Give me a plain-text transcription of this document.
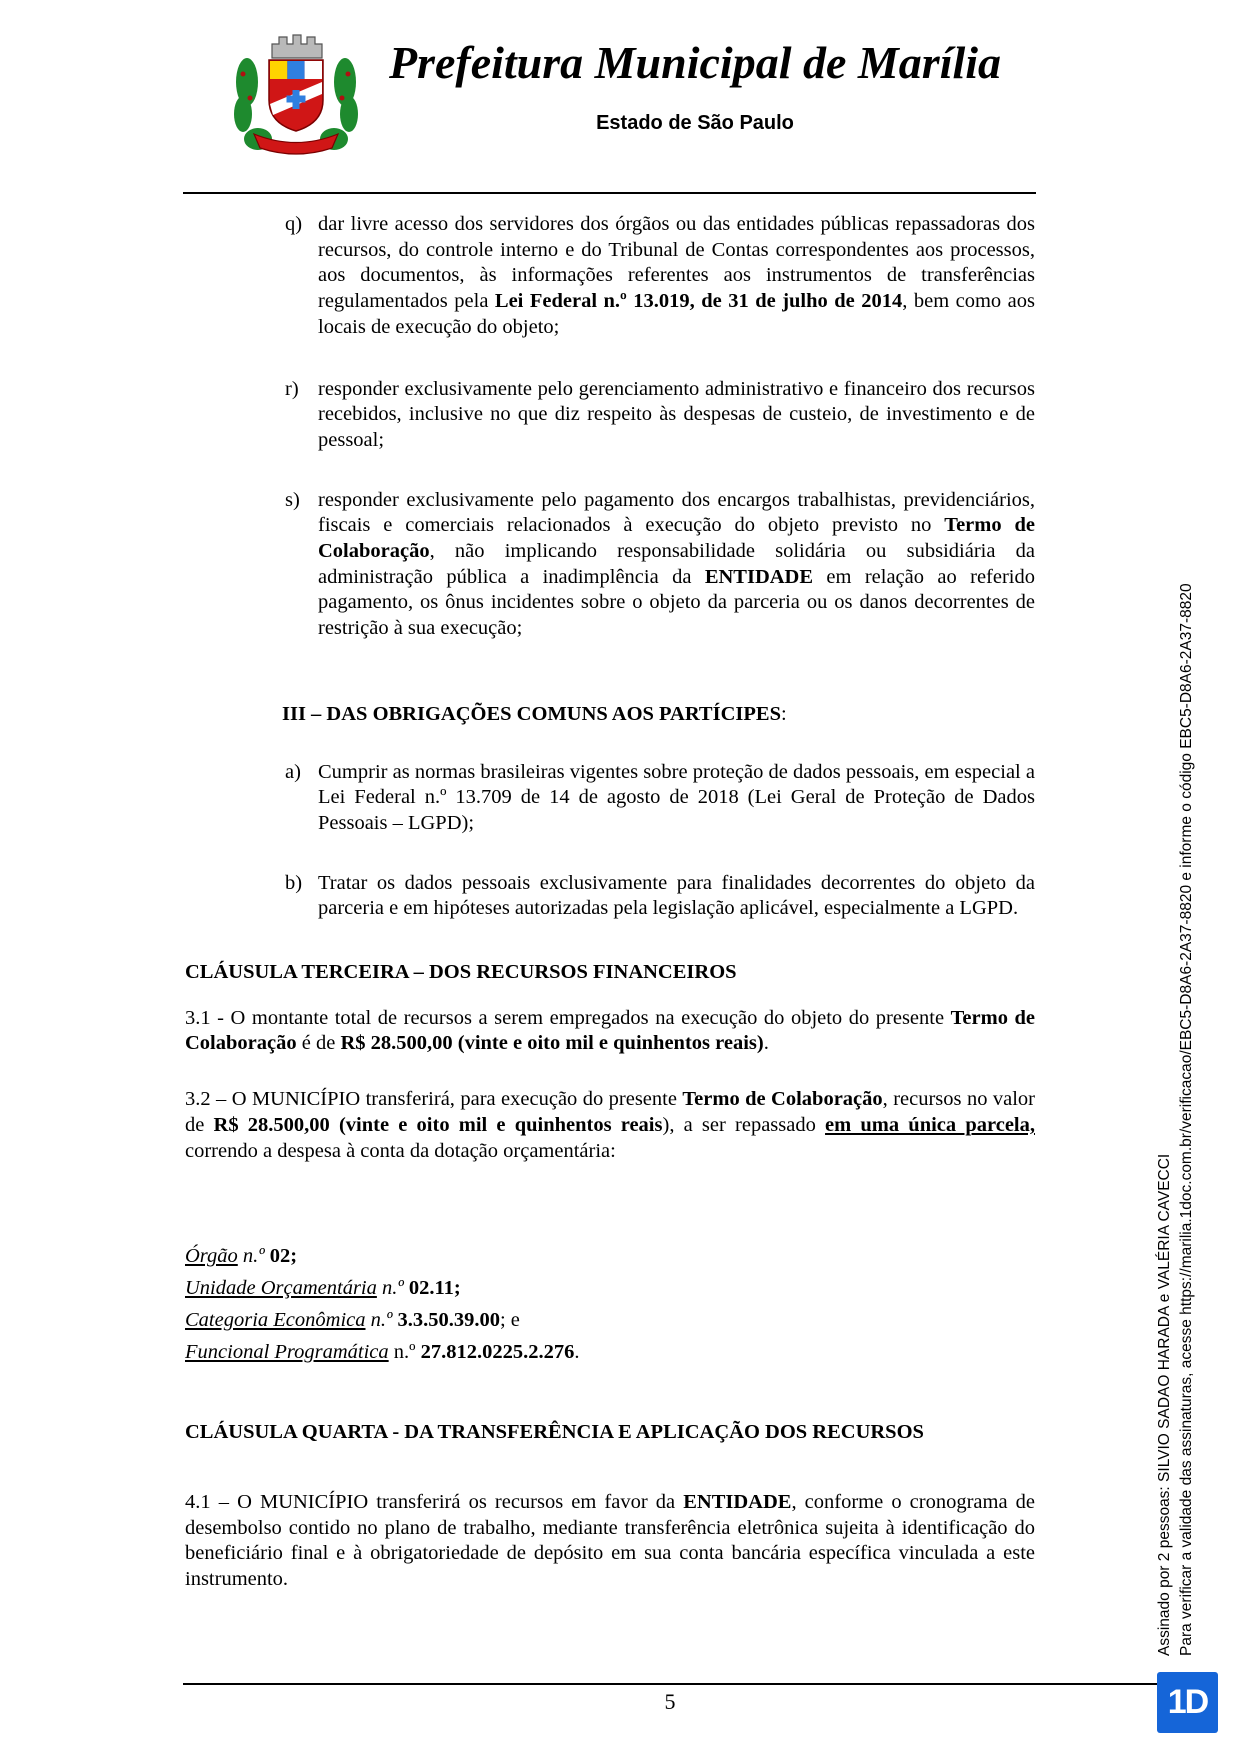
Prefeitura Municipal de Marília
Estado de São Paulo
q) dar livre acesso dos servidores dos órgãos ou das entidades públicas repassadoras dos recursos, do controle interno e do Tribunal de Contas correspondentes aos processos, aos documentos, às informações referentes aos instrumentos de transferências regulamentados pela Lei Federal n.º 13.019, de 31 de julho de 2014, bem como aos locais de execução do objeto;
r) responder exclusivamente pelo gerenciamento administrativo e financeiro dos recursos recebidos, inclusive no que diz respeito às despesas de custeio, de investimento e de pessoal;
s) responder exclusivamente pelo pagamento dos encargos trabalhistas, previdenciários, fiscais e comerciais relacionados à execução do objeto previsto no Termo de Colaboração, não implicando responsabilidade solidária ou subsidiária da administração pública a inadimplência da ENTIDADE em relação ao referido pagamento, os ônus incidentes sobre o objeto da parceria ou os danos decorrentes de restrição à sua execução;
III – DAS OBRIGAÇÕES COMUNS AOS PARTÍCIPES:
a) Cumprir as normas brasileiras vigentes sobre proteção de dados pessoais, em especial a Lei Federal n.º 13.709 de 14 de agosto de 2018 (Lei Geral de Proteção de Dados Pessoais – LGPD);
b) Tratar os dados pessoais exclusivamente para finalidades decorrentes do objeto da parceria e em hipóteses autorizadas pela legislação aplicável, especialmente a LGPD.
CLÁUSULA TERCEIRA – DOS RECURSOS FINANCEIROS
3.1 - O montante total de recursos a serem empregados na execução do objeto do presente Termo de Colaboração é de R$ 28.500,00 (vinte e oito mil e quinhentos reais).
3.2 – O MUNICÍPIO transferirá, para execução do presente Termo de Colaboração, recursos no valor de R$ 28.500,00 (vinte e oito mil e quinhentos reais), a ser repassado em uma única parcela, correndo a despesa à conta da dotação orçamentária:
Órgão n.º 02;
Unidade Orçamentária n.º 02.11;
Categoria Econômica n.º 3.3.50.39.00; e
Funcional Programática n.º 27.812.0225.2.276.
CLÁUSULA QUARTA - DA TRANSFERÊNCIA E APLICAÇÃO DOS RECURSOS
4.1 – O MUNICÍPIO transferirá os recursos em favor da ENTIDADE, conforme o cronograma de desembolso contido no plano de trabalho, mediante transferência eletrônica sujeita à identificação do beneficiário final e à obrigatoriedade de depósito em sua conta bancária específica vinculada a este instrumento.	Assinado por 2 pessoas: SILVIO SADAO HARADA e VALÉRIA CAVECCI Para verificar a validade das assinaturas, acesse https://marilia.1doc.com.br/verificacao/EBC5-D8A6-2A37-8820 e informe o código EBC5-D8A6-2A37-8820
5	1D
